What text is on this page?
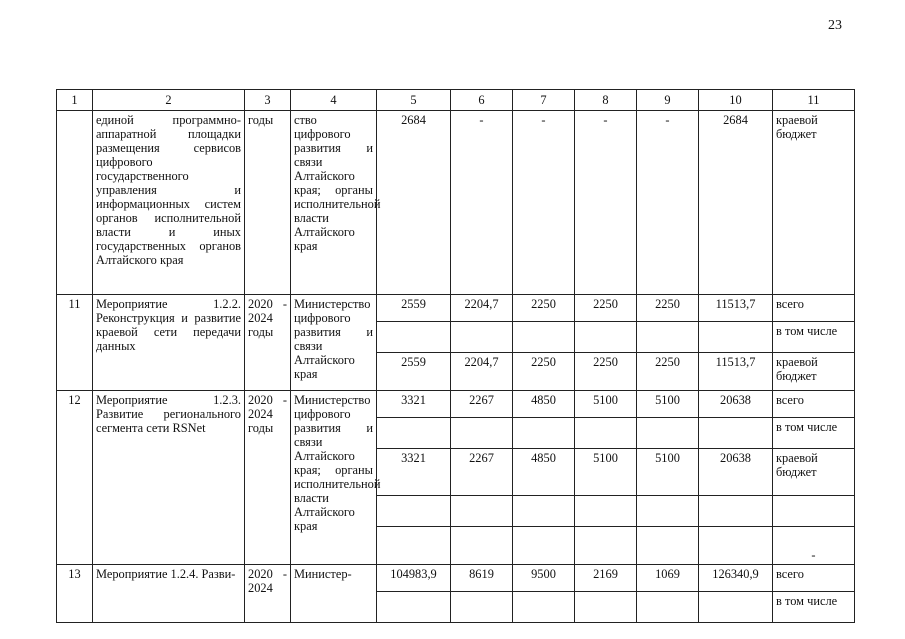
23
1	2	3	4	5	6	7	8	9	10	11
	единой программно-аппаратной площадки размещения сервисов цифрового государственного управления и информационных систем органов исполнительной власти и иных государственных органов Алтайского края	годы	ство цифрового развития и связи Алтайского края; органы исполнительной власти Алтайского края	2684	-	-	-	-	2684	краевой бюджет
11	Мероприятие 1.2.2. Реконструкция и развитие краевой сети передачи данных	2020 - 2024 годы	Министерство цифрового развития и связи Алтайского края	2559	2204,7	2250	2250	2250	11513,7	всего
										в том числе
				2559	2204,7	2250	2250	2250	11513,7	краевой бюджет
12	Мероприятие 1.2.3. Развитие регионального сегмента сети RSNet	2020 - 2024 годы	Министерство цифрового развития и связи Алтайского края; органы исполнительной власти Алтайского края	3321	2267	4850	5100	5100	20638	всего
										в том числе
				3321	2267	4850	5100	5100	20638	краевой бюджет

										-
13	Мероприятие 1.2.4. Разви-	2020 - 2024	Министер-	104983,9	8619	9500	2169	1069	126340,9	всего
										в том числе
